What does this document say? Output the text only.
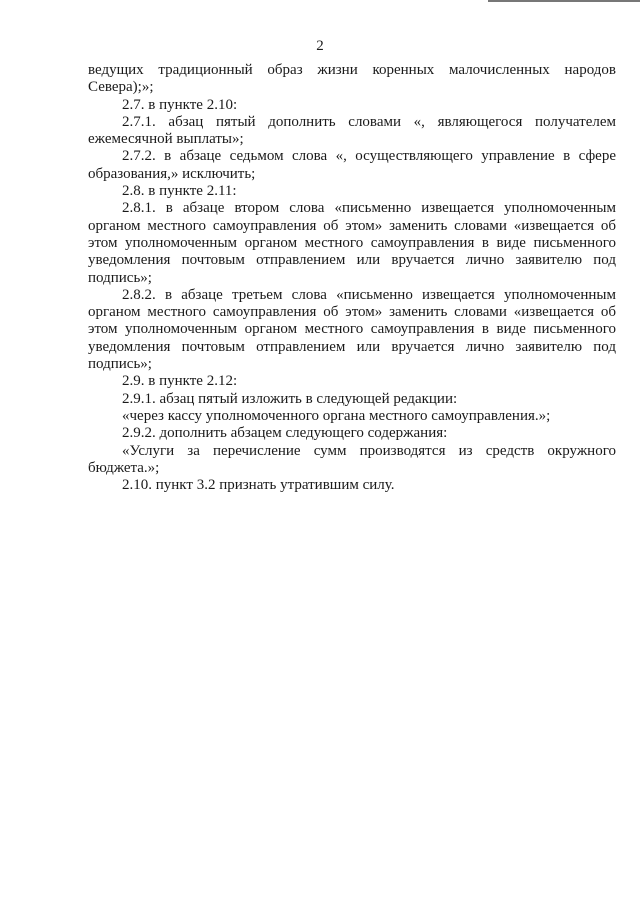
2

ведущих традиционный образ жизни коренных малочисленных народов Севера);»;

2.7. в пункте 2.10:

2.7.1. абзац пятый дополнить словами «, являющегося получателем ежемесячной выплаты»;

2.7.2. в абзаце седьмом слова «, осуществляющего управление в сфере образования,» исключить;

2.8. в пункте 2.11:

2.8.1. в абзаце втором слова «письменно извещается уполномоченным органом местного самоуправления об этом» заменить словами «извещается об этом уполномоченным органом местного самоуправления в виде письменного уведомления почтовым отправлением или вручается лично заявителю под подпись»;

2.8.2. в абзаце третьем слова «письменно извещается уполномоченным органом местного самоуправления об этом» заменить словами «извещается об этом уполномоченным органом местного самоуправления в виде письменного уведомления почтовым отправлением или вручается лично заявителю под подпись»;

2.9. в пункте 2.12:

2.9.1. абзац пятый изложить в следующей редакции:

«через кассу уполномоченного органа местного самоуправления.»;

2.9.2. дополнить абзацем следующего содержания:

«Услуги за перечисление сумм производятся из средств окружного бюджета.»;

2.10. пункт 3.2 признать утратившим силу.
